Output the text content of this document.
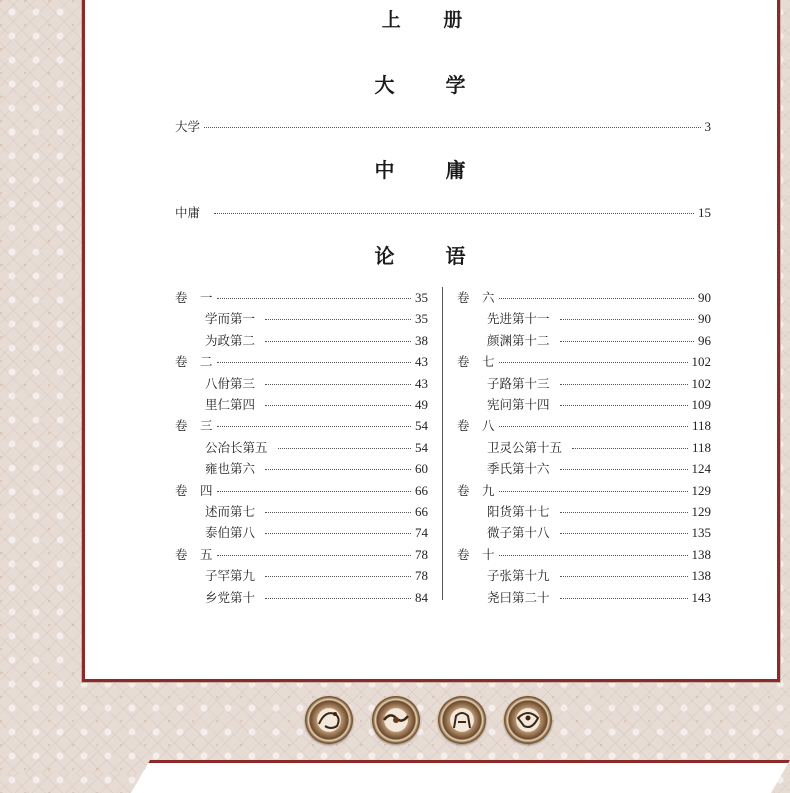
上 册
大 学
大学	3
中 庸
中庸	15
论 语
卷　一	35
学而第一	35
为政第二	38
卷　二	43
八佾第三	43
里仁第四	49
卷　三	54
公冶长第五	54
雍也第六	60
卷　四	66
述而第七	66
泰伯第八	74
卷　五	78
子罕第九	78
乡党第十	84
卷　六	90
先进第十一	90
颜渊第十二	96
卷　七	102
子路第十三	102
宪问第十四	109
卷　八	118
卫灵公第十五	118
季氏第十六	124
卷　九	129
阳货第十七	129
微子第十八	135
卷　十	138
子张第十九	138
尧曰第二十	143
